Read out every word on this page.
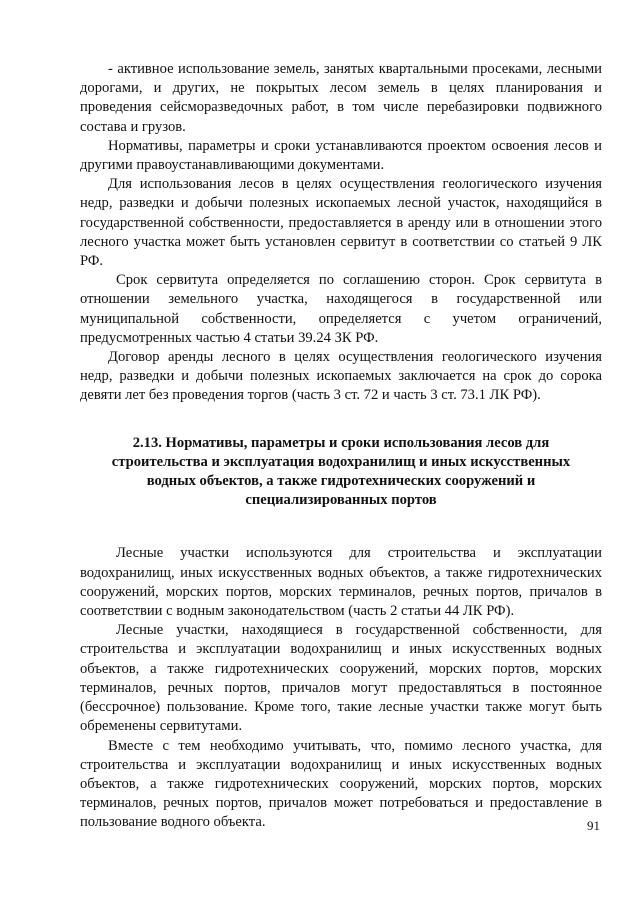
- активное использование земель, занятых квартальными просеками, лесными дорогами, и других, не покрытых лесом земель в целях планирования и проведения сейсморазведочных работ, в том числе перебазировки подвижного состава и грузов.

Нормативы, параметры и сроки устанавливаются проектом освоения лесов и другими правоустанавливающими документами.

Для использования лесов в целях осуществления геологического изучения недр, разведки и добычи полезных ископаемых лесной участок, находящийся в государственной собственности, предоставляется в аренду или в отношении этого лесного участка может быть установлен сервитут в соответствии со статьей 9 ЛК РФ.

Срок сервитута определяется по соглашению сторон. Срок сервитута в отношении земельного участка, находящегося в государственной или муниципальной собственности, определяется с учетом ограничений, предусмотренных частью 4 статьи 39.24 ЗК РФ.

Договор аренды лесного в целях осуществления геологического изучения недр, разведки и добычи полезных ископаемых заключается на срок до сорока девяти лет без проведения торгов (часть 3 ст. 72 и часть 3 ст. 73.1 ЛК РФ).

2.13. Нормативы, параметры и сроки использования лесов для строительства и эксплуатация водохранилищ и иных искусственных водных объектов, а также гидротехнических сооружений и специализированных портов

Лесные участки используются для строительства и эксплуатации водохранилищ, иных искусственных водных объектов, а также гидротехнических сооружений, морских портов, морских терминалов, речных портов, причалов в соответствии с водным законодательством (часть 2 статьи 44 ЛК РФ).

Лесные участки, находящиеся в государственной собственности, для строительства и эксплуатации водохранилищ и иных искусственных водных объектов, а также гидротехнических сооружений, морских портов, морских терминалов, речных портов, причалов могут предоставляться в постоянное (бессрочное) пользование. Кроме того, такие лесные участки также могут быть обременены сервитутами.

Вместе с тем необходимо учитывать, что, помимо лесного участка, для строительства и эксплуатации водохранилищ и иных искусственных водных объектов, а также гидротехнических сооружений, морских портов, морских терминалов, речных портов, причалов может потребоваться и предоставление в пользование водного объекта.	91
